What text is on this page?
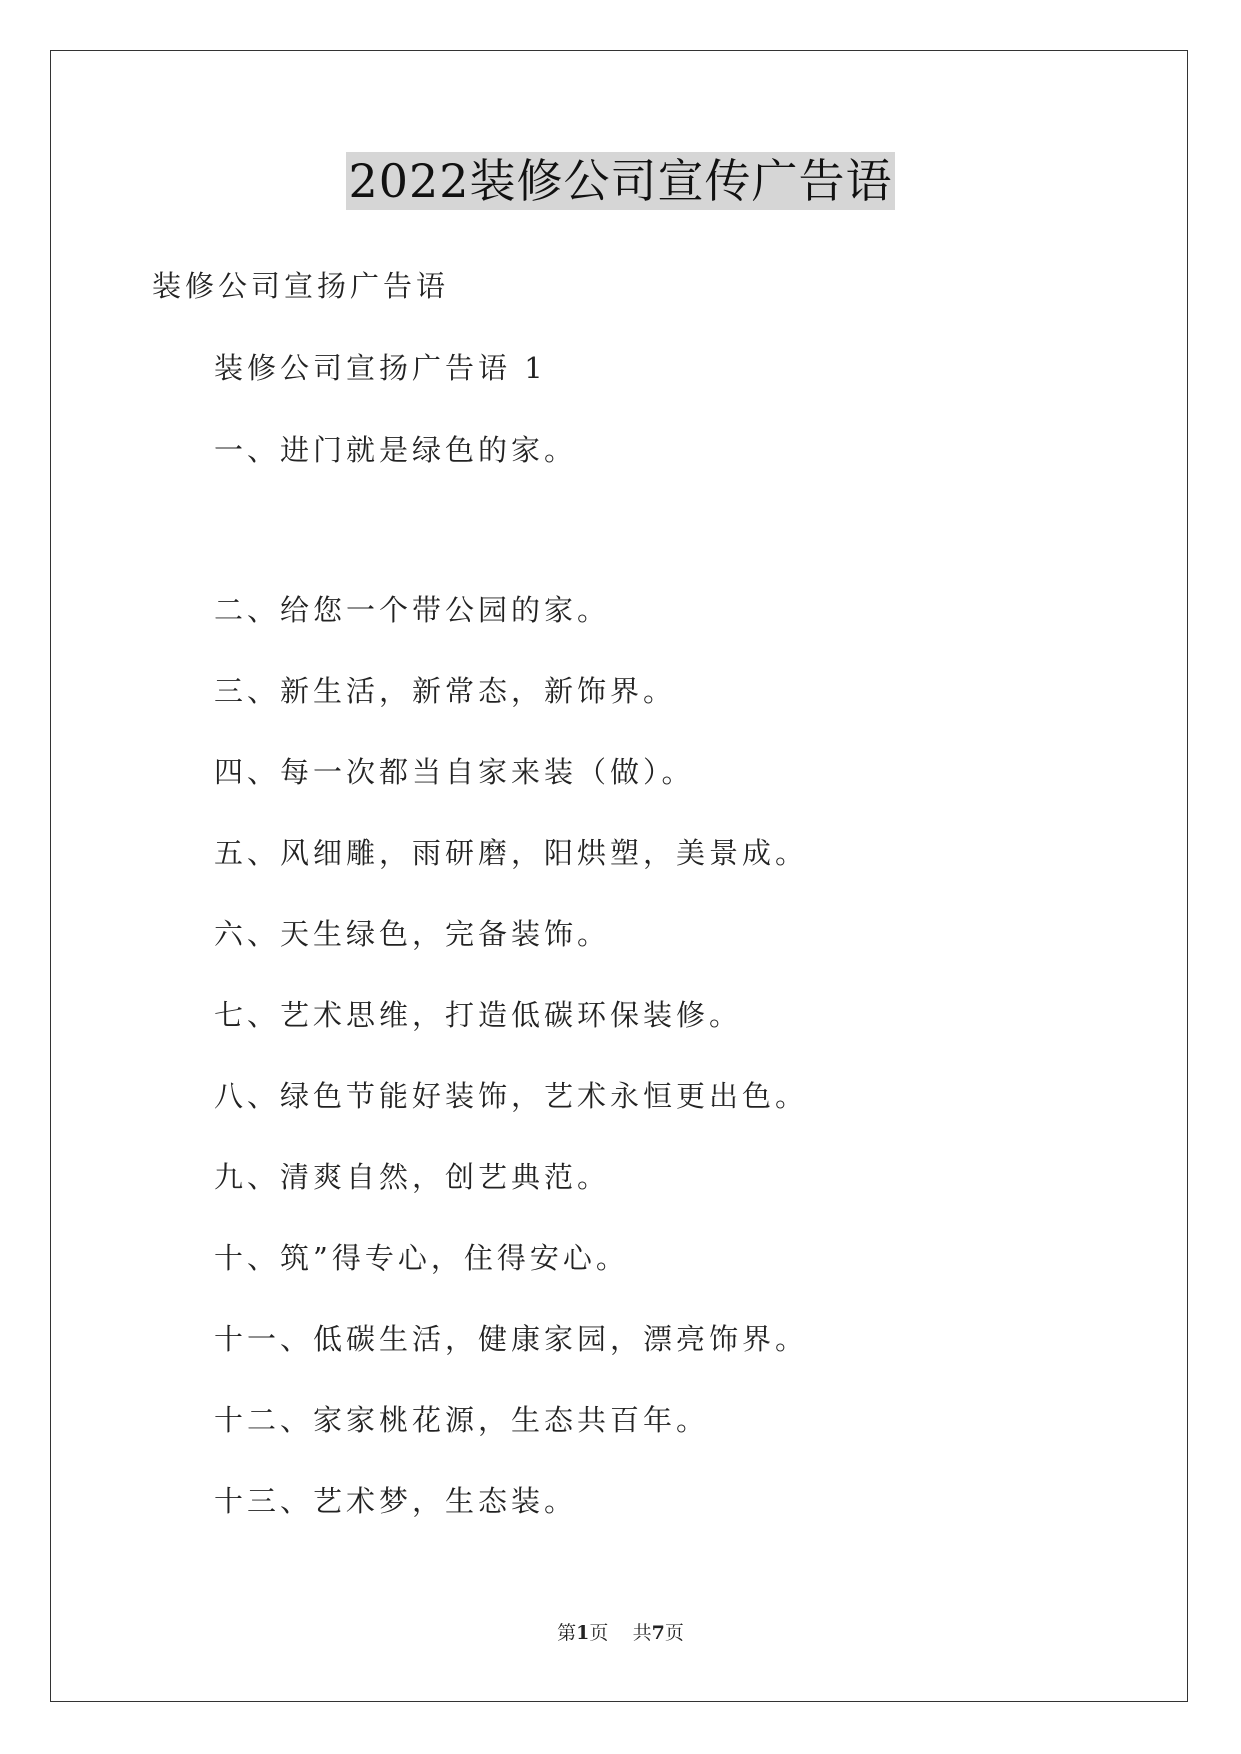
2022装修公司宣传广告语
装修公司宣扬广告语
装修公司宣扬广告语 1
一、进门就是绿色的家。
二、给您一个带公园的家。
三、新生活，新常态，新饰界。
四、每一次都当自家来装（做）。
五、风细雕，雨研磨，阳烘塑，美景成。
六、天生绿色，完备装饰。
七、艺术思维，打造低碳环保装修。
八、绿色节能好装饰，艺术永恒更出色。
九、清爽自然，创艺典范。
十、筑”得专心，住得安心。
十一、低碳生活，健康家园，漂亮饰界。
十二、家家桃花源，生态共百年。
十三、艺术梦，生态装。
第1页 共7页
